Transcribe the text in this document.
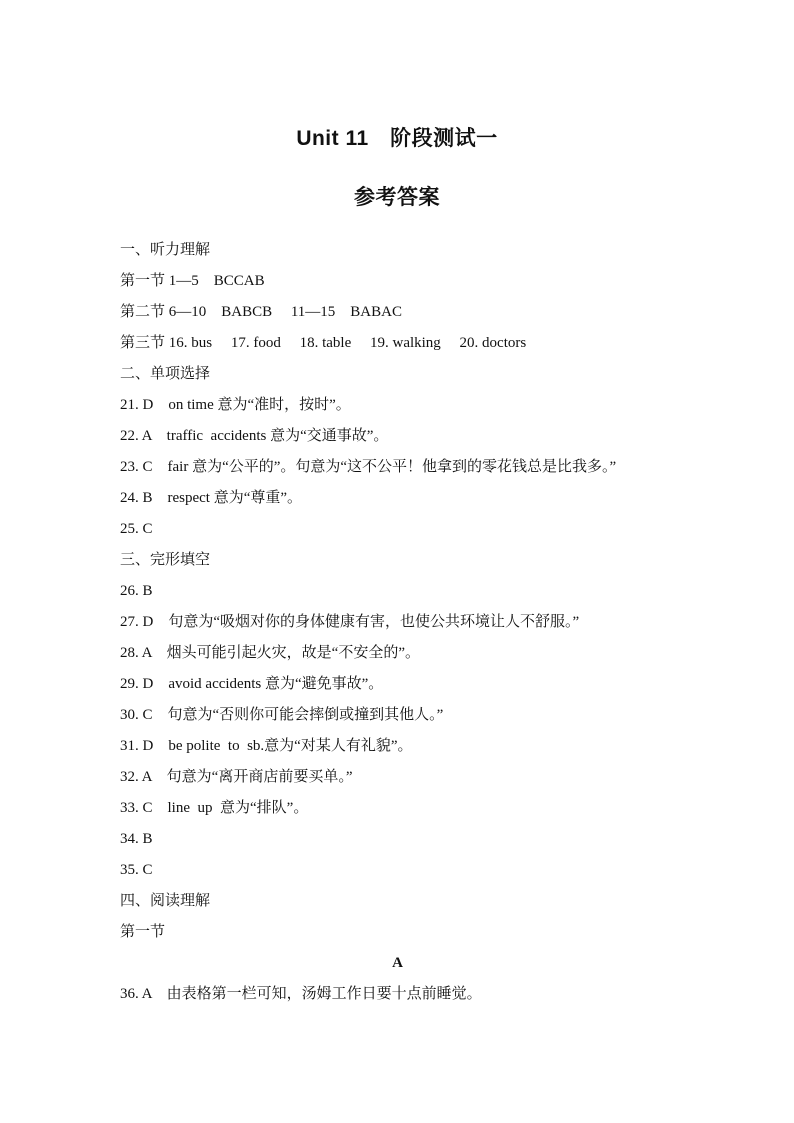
Unit 11　阶段测试一
参考答案
一、听力理解
第一节 1—5　BCCAB
第二节 6—10　BABCB　 11—15　BABAC
第三节 16. bus　 17. food　 18. table　 19. walking　 20. doctors
二、单项选择
21. D　on time 意为“准时，按时”。
22. A　traffic  accidents 意为“交通事故”。
23. C　fair 意为“公平的”。句意为“这不公平！他拿到的零花钱总是比我多。”
24. B　respect 意为“尊重”。
25. C
三、完形填空
26. B
27. D　句意为“吸烟对你的身体健康有害，也使公共环境让人不舒服。”
28. A　烟头可能引起火灾，故是“不安全的”。
29. D　avoid accidents 意为“避免事故”。
30. C　句意为“否则你可能会摔倒或撞到其他人。”
31. D　be polite  to  sb.意为“对某人有礼貌”。
32. A　句意为“离开商店前要买单。”
33. C　line  up  意为“排队”。
34. B
35. C
四、阅读理解
第一节
A
36. A　由表格第一栏可知，汤姆工作日要十点前睡觉。
